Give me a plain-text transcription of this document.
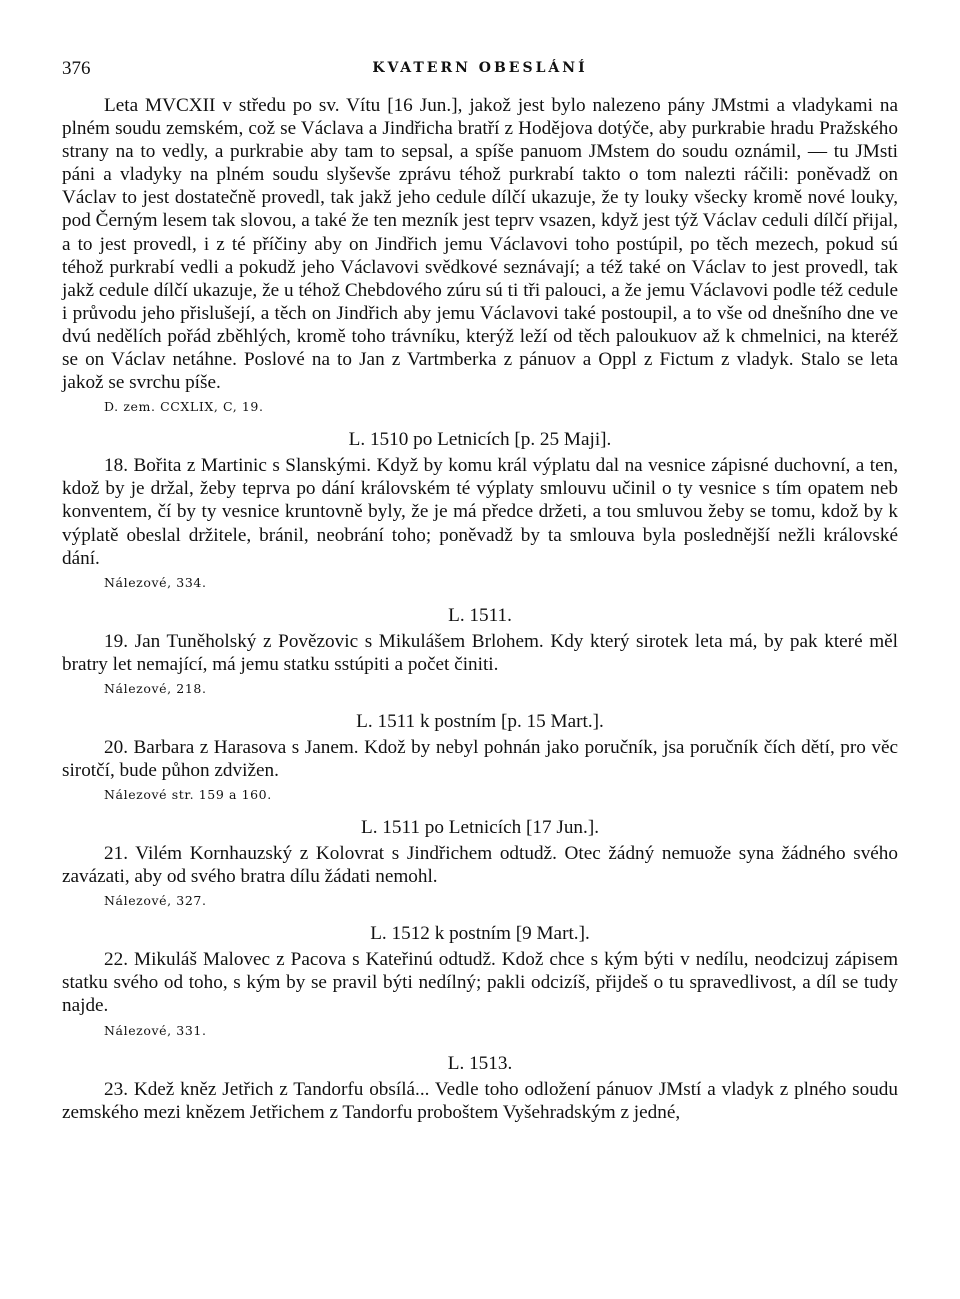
376	KVATERN OBESLÁNÍ

Leta MVCXII v středu po sv. Vítu [16 Jun.], jakož jest bylo nalezeno pány JMstmi a vladykami na plném soudu zemském, což se Václava a Jindřicha bratří z Hodějova dotýče, aby purkrabie hradu Pražského strany na to vedly, a purkrabie aby tam to sepsal, a spíše panuom JMstem do soudu oznámil, — tu JMsti páni a vladyky na plném soudu slyševše zprávu téhož purkrabí takto o tom nalezti ráčili: poněvadž on Václav to jest dostatečně provedl, tak jakž jeho cedule dílčí ukazuje, že ty louky všecky kromě nové louky, pod Černým lesem tak slovou, a také že ten mezník jest teprv vsazen, když jest týž Václav ceduli dílčí přijal, a to jest provedl, i z té příčiny aby on Jindřich jemu Václavovi toho postúpil, po těch mezech, pokud sú téhož purkrabí vedli a pokudž jeho Václavovi svědkové seznávají; a též také on Václav to jest provedl, tak jakž cedule dílčí ukazuje, že u téhož Chebdového zúru sú ti tři palouci, a že jemu Václavovi podle též cedule i průvodu jeho přislušejí, a těch on Jindřich aby jemu Václavovi také postoupil, a to vše od dnešního dne ve dvú nedělích pořád zběhlých, kromě toho trávníku, kterýž leží od těch paloukuov až k chmelnici, na kteréž se on Václav netáhne. Poslové na to Jan z Vartmberka z pánuov a Oppl z Fictum z vladyk. Stalo se leta jakož se svrchu píše.

D. zem. CCXLIX, C, 19.
L. 1510 po Letnicích [p. 25 Maji].

18. Bořita z Martinic s Slanskými. Když by komu král výplatu dal na vesnice zápisné duchovní, a ten, kdož by je držal, žeby teprva po dání královském té výplaty smlouvu učinil o ty vesnice s tím opatem neb konventem, čí by ty vesnice kruntovně byly, že je má předce držeti, a tou smluvou žeby se tomu, kdož by k výplatě obeslal držitele, bránil, neobrání toho; poněvadž by ta smlouva byla poslednější nežli královské dání.

Nálezové, 334.
L. 1511.

19. Jan Tuněholský z Povězovic s Mikulášem Brlohem. Kdy který sirotek leta má, by pak které měl bratry let nemající, má jemu statku sstúpiti a počet činiti.

Nálezové, 218.
L. 1511 k postním [p. 15 Mart.].

20. Barbara z Harasova s Janem. Kdož by nebyl pohnán jako poručník, jsa poručník čích dětí, pro věc sirotčí, bude půhon zdvižen.

Nálezové str. 159 a 160.
L. 1511 po Letnicích [17 Jun.].

21. Vilém Kornhauzský z Kolovrat s Jindřichem odtudž. Otec žádný nemuože syna žádného svého zavázati, aby od svého bratra dílu žádati nemohl.

Nálezové, 327.
L. 1512 k postním [9 Mart.].

22. Mikuláš Malovec z Pacova s Kateřinú odtudž. Kdož chce s kým býti v nedílu, neodcizuj zápisem statku svého od toho, s kým by se pravil býti nedílný; pakli odcizíš, přijdeš o tu spravedlivost, a díl se tudy najde.

Nálezové, 331.
L. 1513.

23. Kdež kněz Jetřich z Tandorfu obsílá... Vedle toho odložení pánuov JMstí a vladyk z plného soudu zemského mezi knězem Jetřichem z Tandorfu proboštem Vyšehradským z jedné,
